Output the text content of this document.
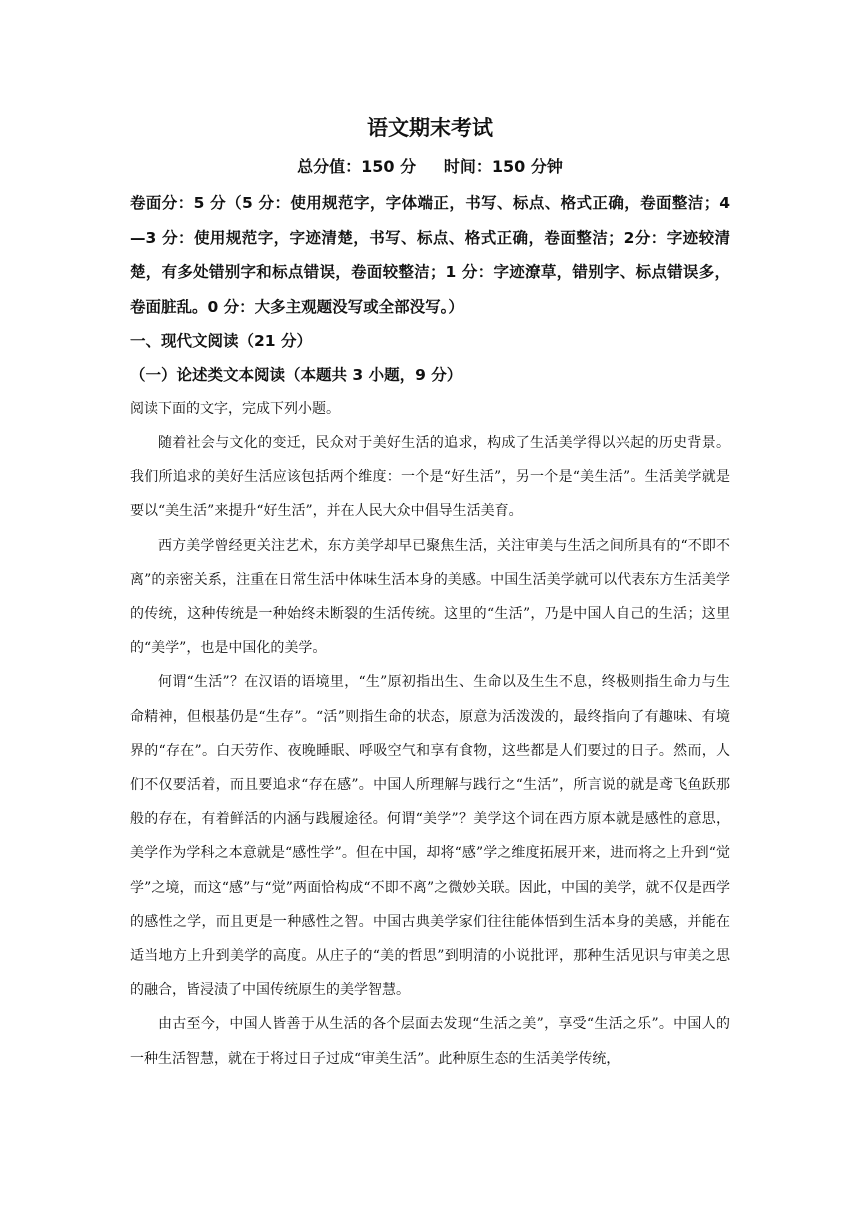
语文期末考试
总分值：150 分     时间：150 分钟

卷面分：5 分（5 分：使用规范字，字体端正，书写、标点、格式正确，卷面整洁；4—3 分：使用规范字，字迹清楚，书写、标点、格式正确，卷面整洁；2分：字迹较清楚，有多处错别字和标点错误，卷面较整洁；1 分：字迹潦草，错别字、标点错误多，卷面脏乱。0 分：大多主观题没写或全部没写。）

一、现代文阅读（21 分）

（一）论述类文本阅读（本题共 3 小题，9 分）

阅读下面的文字，完成下列小题。

随着社会与文化的变迁，民众对于美好生活的追求，构成了生活美学得以兴起的历史背景。我们所追求的美好生活应该包括两个维度：一个是“好生活”，另一个是“美生活”。生活美学就是要以“美生活”来提升“好生活”，并在人民大众中倡导生活美育。

西方美学曾经更关注艺术，东方美学却早已聚焦生活，关注审美与生活之间所具有的“不即不离”的亲密关系，注重在日常生活中体味生活本身的美感。中国生活美学就可以代表东方生活美学的传统，这种传统是一种始终未断裂的生活传统。这里的“生活”，乃是中国人自己的生活；这里的“美学”，也是中国化的美学。

何谓“生活”？在汉语的语境里，“生”原初指出生、生命以及生生不息，终极则指生命力与生命精神，但根基仍是“生存”。“活”则指生命的状态，原意为活泼泼的，最终指向了有趣味、有境界的“存在”。白天劳作、夜晚睡眠、呼吸空气和享有食物，这些都是人们要过的日子。然而，人们不仅要活着，而且要追求“存在感”。中国人所理解与践行之“生活”，所言说的就是鸢飞鱼跃那般的存在，有着鲜活的内涵与践履途径。何谓“美学”？美学这个词在西方原本就是感性的意思，美学作为学科之本意就是“感性学”。但在中国，却将“感”学之维度拓展开来，进而将之上升到“觉学”之境，而这“感”与“觉”两面恰构成“不即不离”之微妙关联。因此，中国的美学，就不仅是西学的感性之学，而且更是一种感性之智。中国古典美学家们往往能体悟到生活本身的美感，并能在适当地方上升到美学的高度。从庄子的“美的哲思”到明清的小说批评，那种生活见识与审美之思的融合，皆浸渍了中国传统原生的美学智慧。

由古至今，中国人皆善于从生活的各个层面去发现“生活之美”，享受“生活之乐”。中国人的一种生活智慧，就在于将过日子过成“审美生活”。此种原生态的生活美学传统，
